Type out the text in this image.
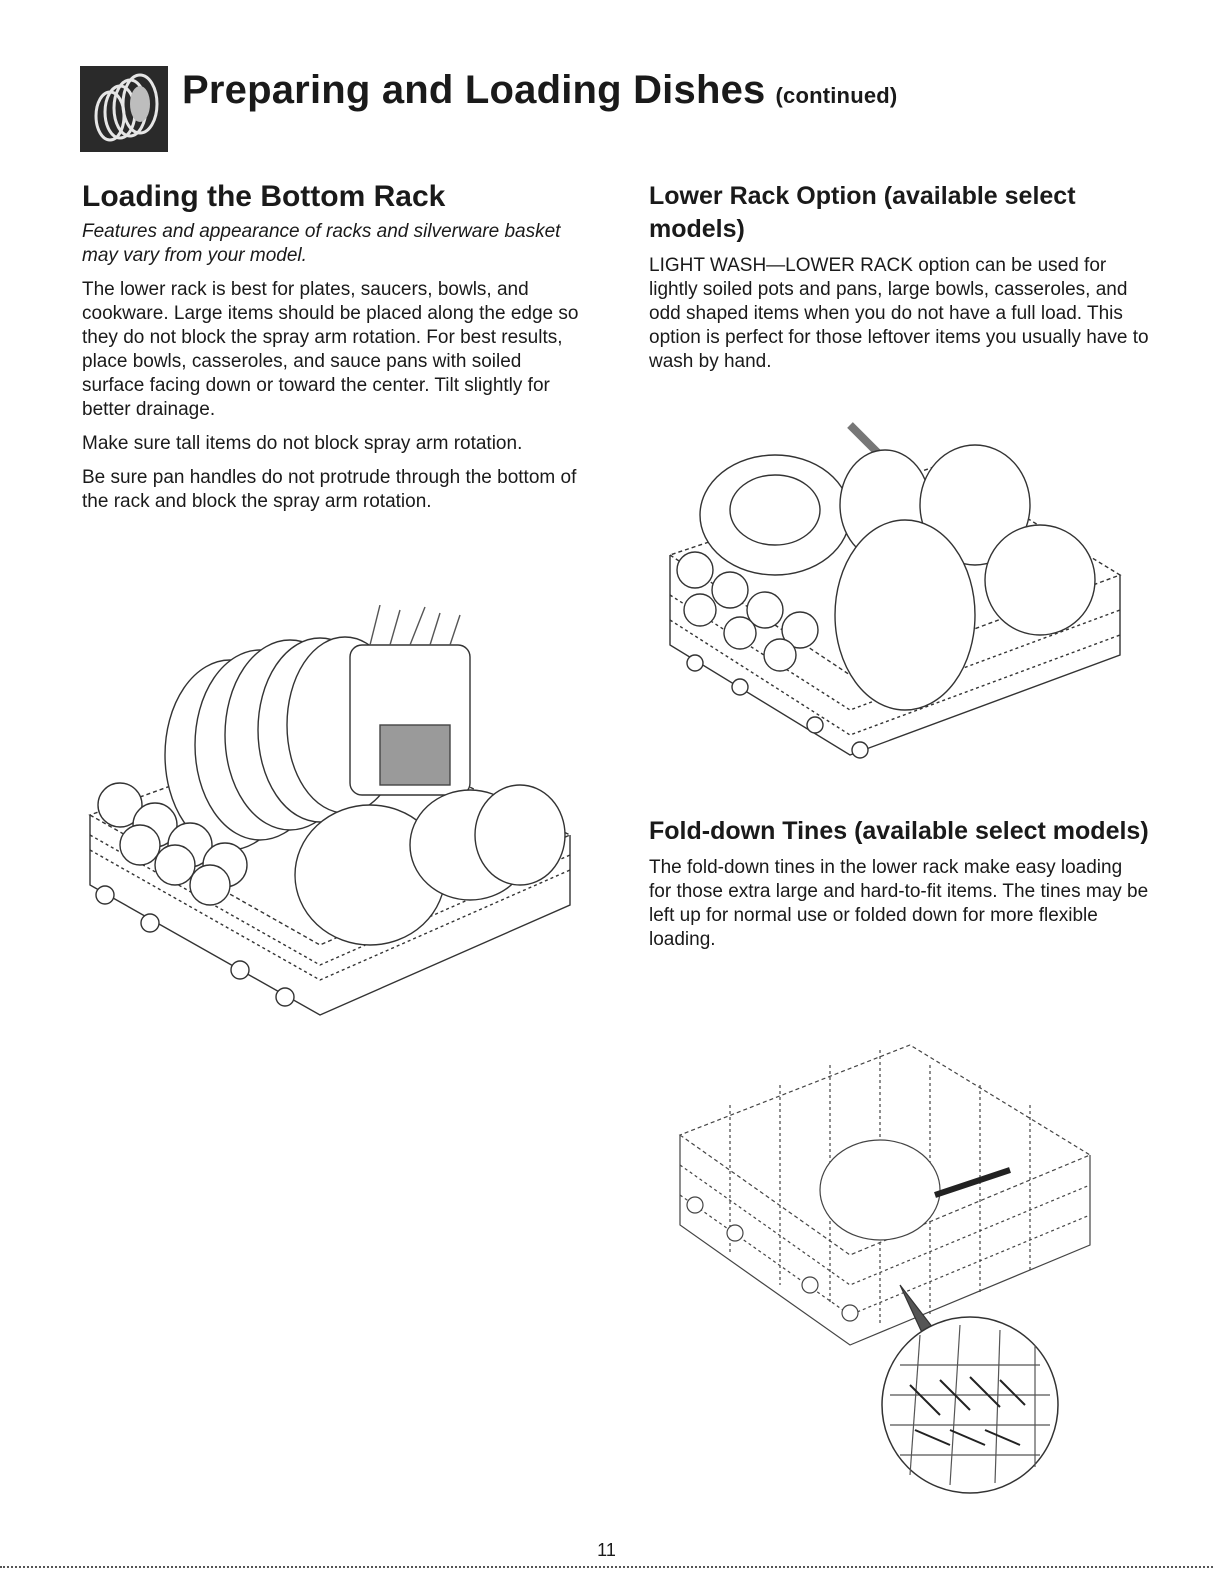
Preparing and Loading Dishes (continued)
Loading the Bottom Rack

Features and appearance of racks and silverware basket may vary from your model.

The lower rack is best for plates, saucers, bowls, and cookware. Large items should be placed along the edge so they do not block the spray arm rotation. For best results, place bowls, casseroles, and sauce pans with soiled surface facing down or toward the center. Tilt slightly for better drainage.

Make sure tall items do not block spray arm rotation.

Be sure pan handles do not protrude through the bottom of the rack and block the spray arm rotation.

Lower Rack Option (available select models)

LIGHT WASH—LOWER RACK option can be used for lightly soiled pots and pans, large bowls, casseroles, and odd shaped items when you do not have a full load. This option is perfect for those leftover items you usually have to wash by hand.

Fold-down Tines (available select models)

The fold-down tines in the lower rack make easy loading for those extra large and hard-to-fit items. The tines may be left up for normal use or folded down for more flexible loading.

11
